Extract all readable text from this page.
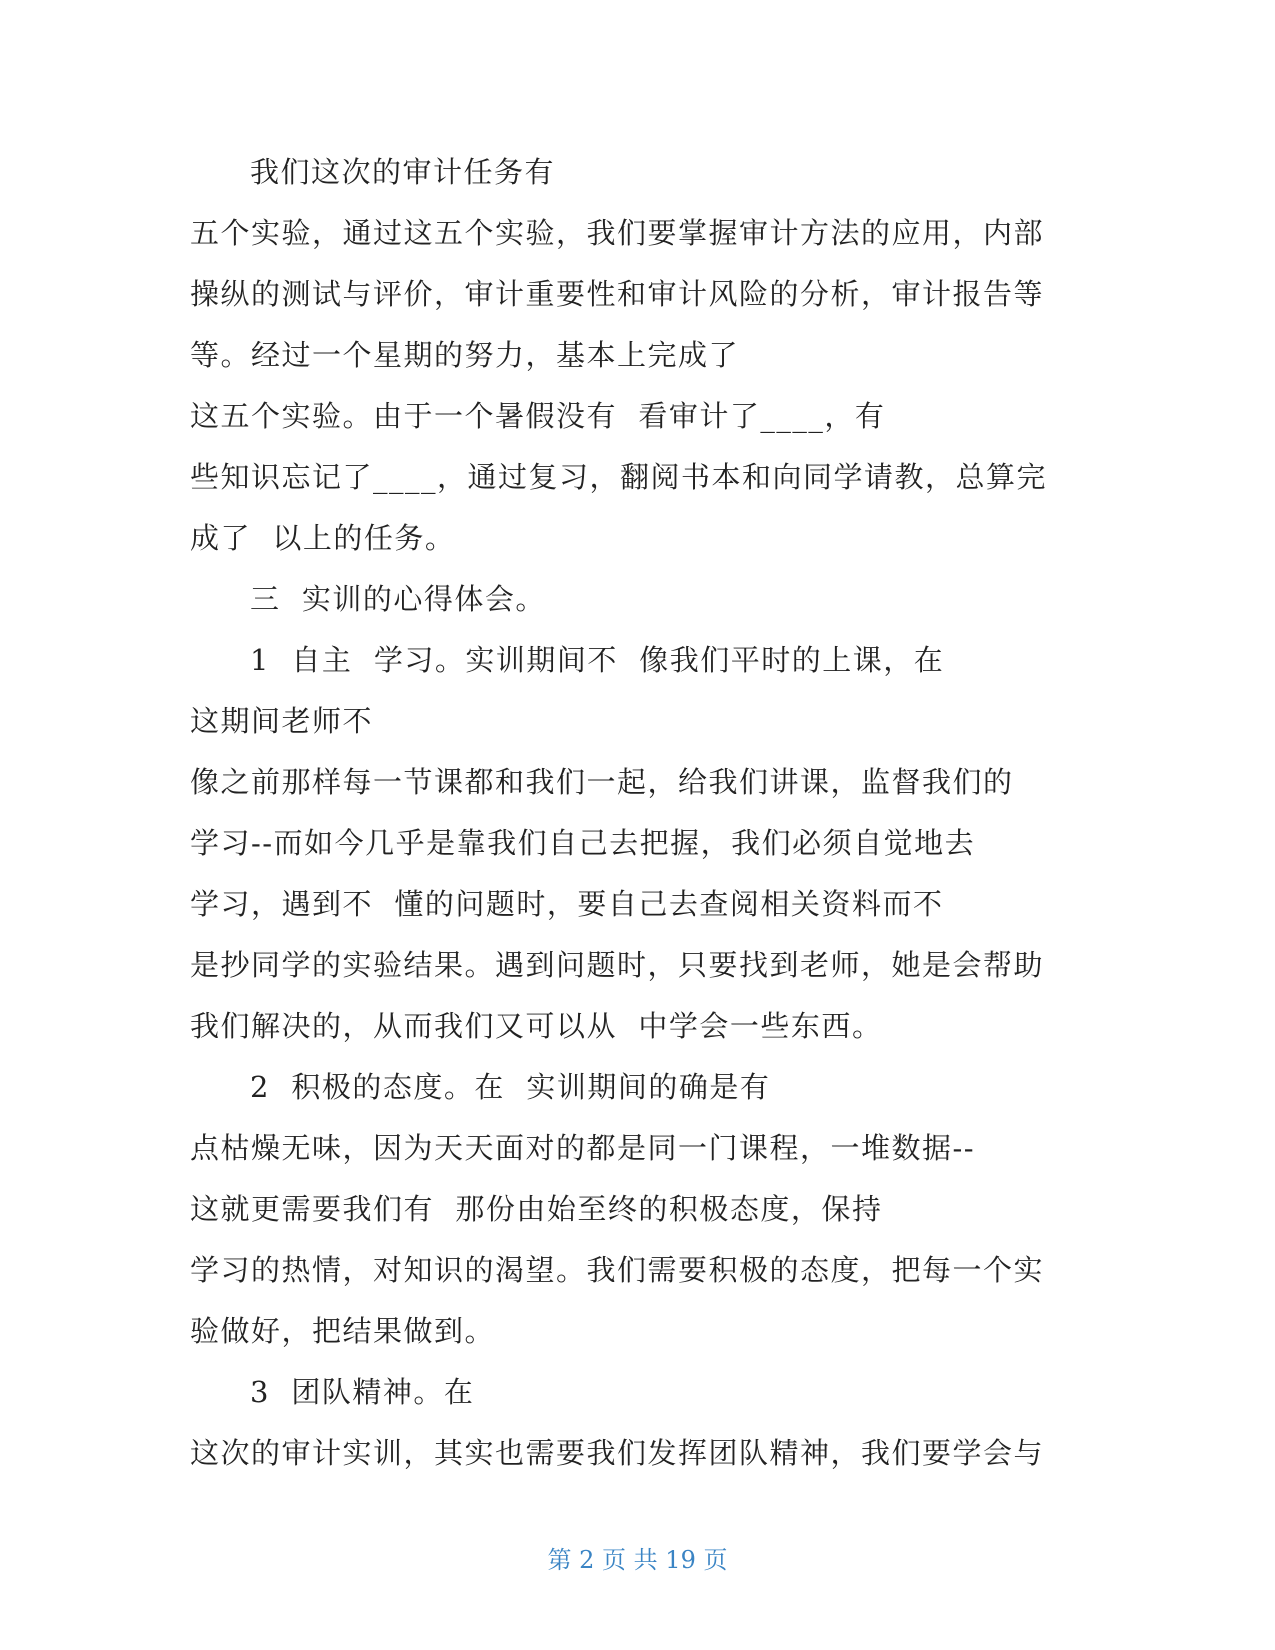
我们这次的审计任务有
五个实验，通过这五个实验，我们要掌握审计方法的应用，内部
操纵的测试与评价，审计重要性和审计风险的分析，审计报告等
等。经过一个星期的努力，基本上完成了
这五个实验。由于一个暑假没有  看审计了____，有
些知识忘记了____，通过复习，翻阅书本和向同学请教，总算完
成了  以上的任务。
三  实训的心得体会。
1  自主  学习。实训期间不  像我们平时的上课，在
这期间老师不
像之前那样每一节课都和我们一起，给我们讲课，监督我们的
学习--而如今几乎是靠我们自己去把握，我们必须自觉地去
学习，遇到不  懂的问题时，要自己去查阅相关资料而不
是抄同学的实验结果。遇到问题时，只要找到老师，她是会帮助
我们解决的，从而我们又可以从  中学会一些东西。
2  积极的态度。在  实训期间的确是有
点枯燥无味，因为天天面对的都是同一门课程，一堆数据--
这就更需要我们有  那份由始至终的积极态度，保持
学习的热情，对知识的渴望。我们需要积极的态度，把每一个实
验做好，把结果做到。
3  团队精神。在
这次的审计实训，其实也需要我们发挥团队精神，我们要学会与
第 2 页 共 19 页
